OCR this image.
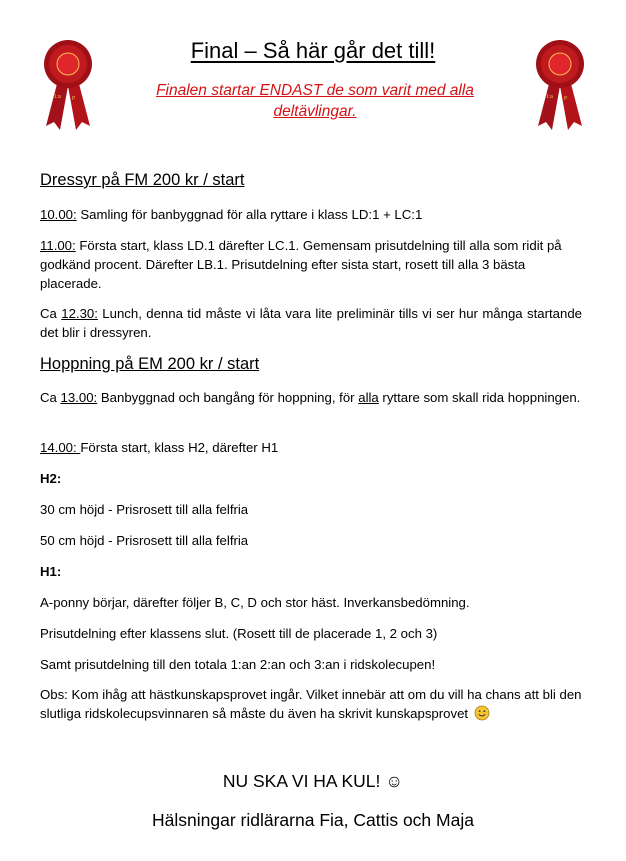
1:a P	1:a P
Final – Så här går det till!
Finalen startar ENDAST de som varit med alla deltävlingar.
Dressyr på FM 200 kr / start
10.00: Samling för banbyggnad för alla ryttare i klass LD:1 + LC:1
11.00: Första start, klass LD.1 därefter LC.1. Gemensam prisutdelning till alla som ridit på godkänd procent. Därefter LB.1. Prisutdelning efter sista start, rosett till alla 3 bästa placerade.
Ca 12.30: Lunch, denna tid måste vi låta vara lite preliminär tills vi ser hur många startande det blir i dressyren.
Hoppning på EM 200 kr / start
Ca 13.00: Banbyggnad och bangång för hoppning, för alla ryttare som skall rida hoppningen.
14.00: Första start, klass H2, därefter H1
H2:
30 cm höjd - Prisrosett till alla felfria
50 cm höjd - Prisrosett till alla felfria
H1:
A-ponny börjar, därefter följer B, C, D och stor häst. Inverkansbedömning.
Prisutdelning efter klassens slut. (Rosett till de placerade 1, 2 och 3)
Samt prisutdelning till den totala 1:an 2:an och 3:an i ridskolecupen!
Obs: Kom ihåg att hästkunskapsprovet ingår. Vilket innebär att om du vill ha chans att bli den slutliga ridskolecupsvinnaren så måste du även ha skrivit kunskapsprovet
NU SKA VI HA KUL! ☺
Hälsningar ridlärarna Fia, Cattis och Maja
